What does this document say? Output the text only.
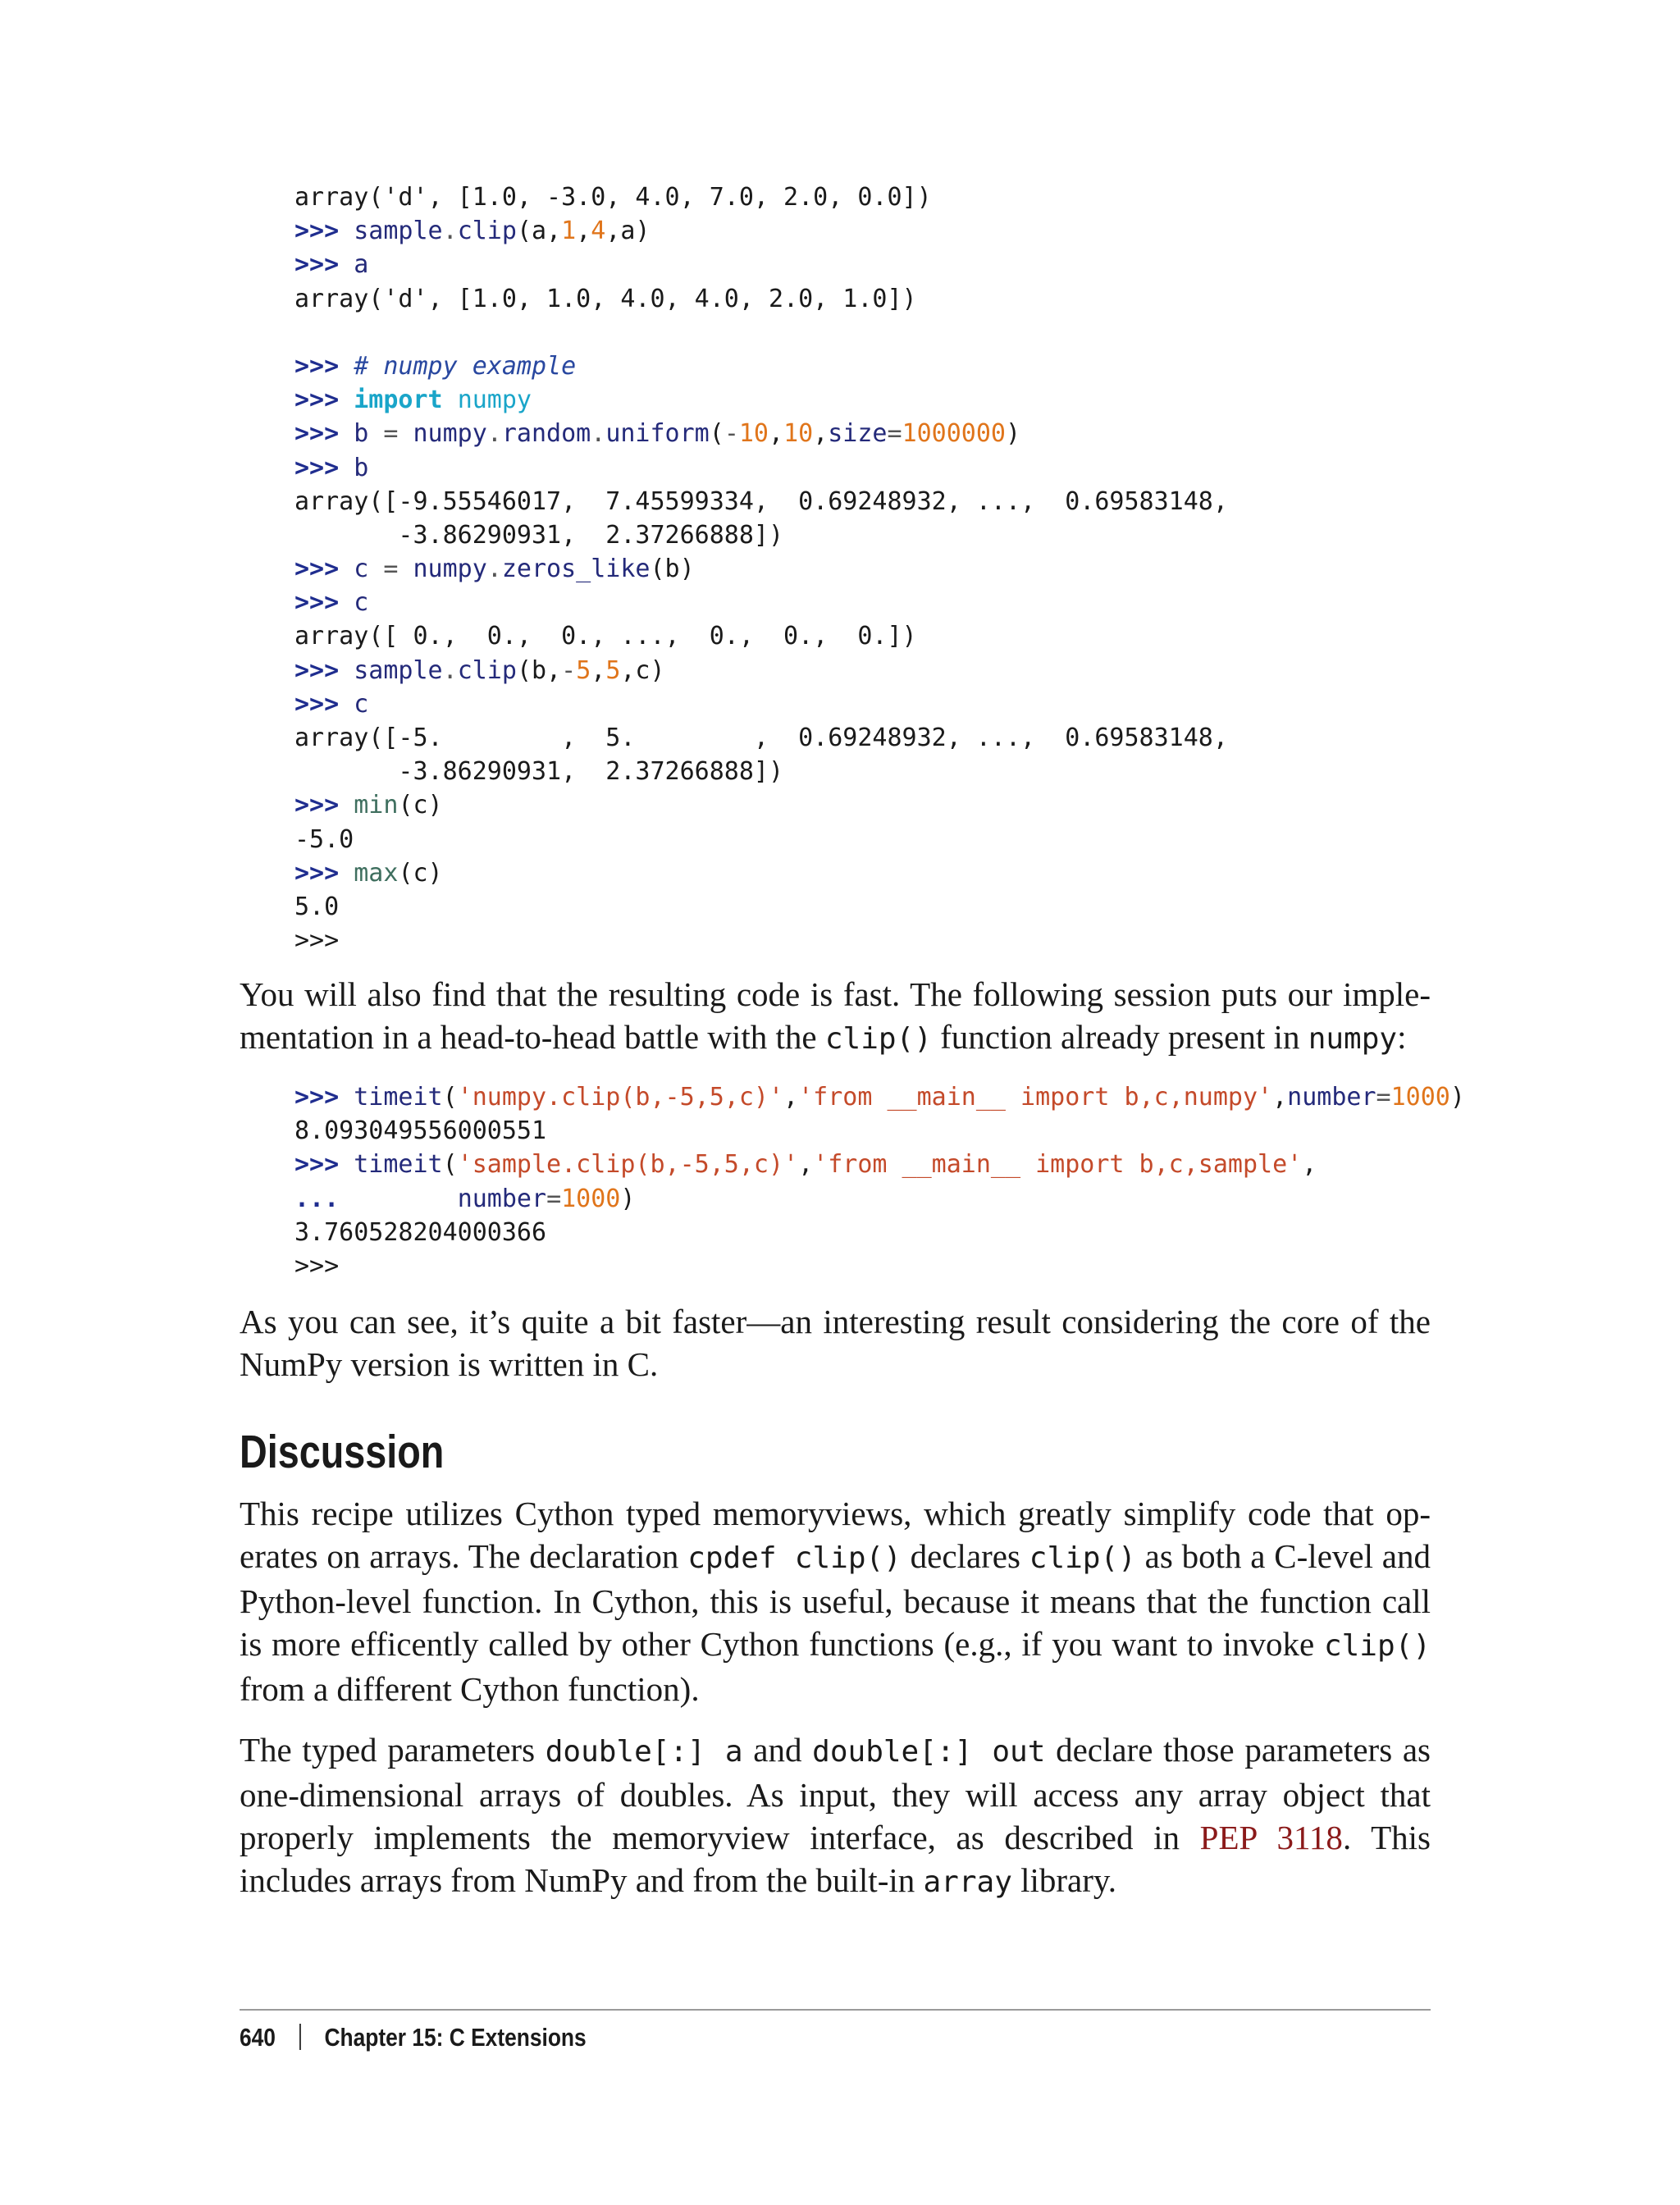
array('d', [1.0, -3.0, 4.0, 7.0, 2.0, 0.0])
>>> sample.clip(a,1,4,a)
>>> a
array('d', [1.0, 1.0, 4.0, 4.0, 2.0, 1.0])
>>> # numpy example
>>> import numpy
>>> b = numpy.random.uniform(-10,10,size=1000000)
>>> b
array([-9.55546017,  7.45599334,  0.69248932, ...,  0.69583148,
-3.86290931,  2.37266888])
>>> c = numpy.zeros_like(b)
>>> c
array([ 0.,  0.,  0., ...,  0.,  0.,  0.])
>>> sample.clip(b,-5,5,c)
>>> c
array([-5.        ,  5.        ,  0.69248932, ...,  0.69583148,
-3.86290931,  2.37266888])
>>> min(c)
-5.0
>>> max(c)
5.0
>>>

You will also find that the resulting code is fast. The following session puts our imple-mentation in a head-to-head battle with the clip() function already present in numpy:

>>> timeit('numpy.clip(b,-5,5,c)','from __main__ import b,c,numpy',number=1000)
8.093049556000551
>>> timeit('sample.clip(b,-5,5,c)','from __main__ import b,c,sample',
...	number=1000)
3.760528204000366
>>>

As you can see, it’s quite a bit faster—an interesting result considering the core of the NumPy version is written in C.

Discussion

This recipe utilizes Cython typed memoryviews, which greatly simplify code that op-erates on arrays. The declaration cpdef clip() declares clip() as both a C-level and Python-level function. In Cython, this is useful, because it means that the function call is more efficently called by other Cython functions (e.g., if you want to invoke clip() from a different Cython function).

The typed parameters double[:] a and double[:] out declare those parameters as one-dimensional arrays of doubles. As input, they will access any array object that properly implements the memoryview interface, as described in PEP 3118. This includes arrays from NumPy and from the built-in array library.

640 Chapter 15: C Extensions
